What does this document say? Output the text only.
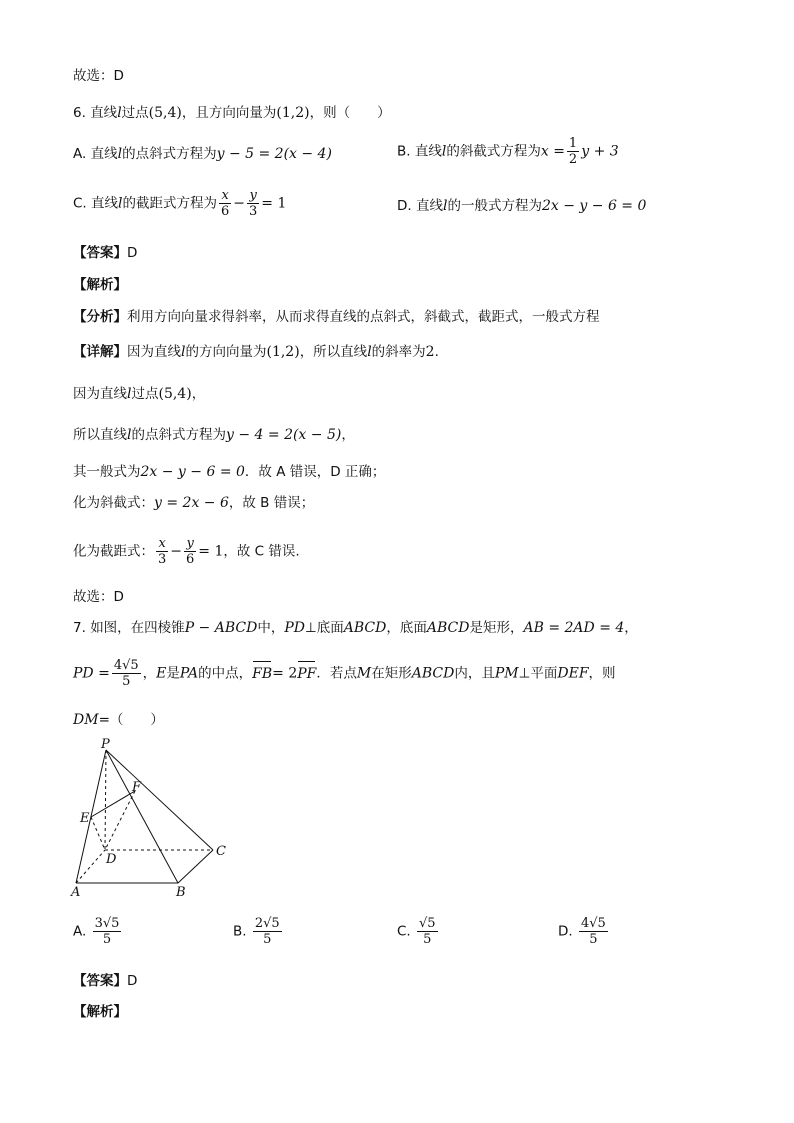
故选：D
6. 直线l过点(5,4)，且方向向量为(1,2)，则（　　）
A. 直线l的点斜式方程为y − 5 = 2(x − 4)	B. 直线l的斜截式方程为$x = \frac{1}{2}$ y + 3
C. 直线l的截距式方程为 $\frac{x}{6} - \frac{y}{3} = 1$	D. 直线l的一般式方程为2x − y − 6 = 0
【答案】D
【解析】
【分析】利用方向向量求得斜率，从而求得直线的点斜式，斜截式，截距式，一般式方程
【详解】因为直线l的方向向量为(1,2)，所以直线l的斜率为2.
因为直线l过点(5,4)，
所以直线l的点斜式方程为y − 4 = 2(x − 5)，
其一般式为2x − y − 6 = 0．故 A 错误，D 正确；
化为斜截式：y = 2x − 6，故 B 错误；
化为截距式： $\frac{x}{3} - \frac{y}{6} = 1$，故 C 错误.
故选：D
7. 如图，在四棱锥P − ABCD中，PD⊥底面ABCD，底面ABCD是矩形，AB = 2AD = 4，
PD = $\frac{4√5}{5}$ ，E是PA的中点，FB= 2PF．若点M在矩形ABCD内，且PM⊥平面DEF，则
DM=（　　）
P
F
E
D
C
A	B
A. $\frac{3√5}{5}$	B. $\frac{2√5}{5}$	C. $\frac{√5}{5}$	D. $\frac{4√5}{5}$
【答案】D
【解析】
